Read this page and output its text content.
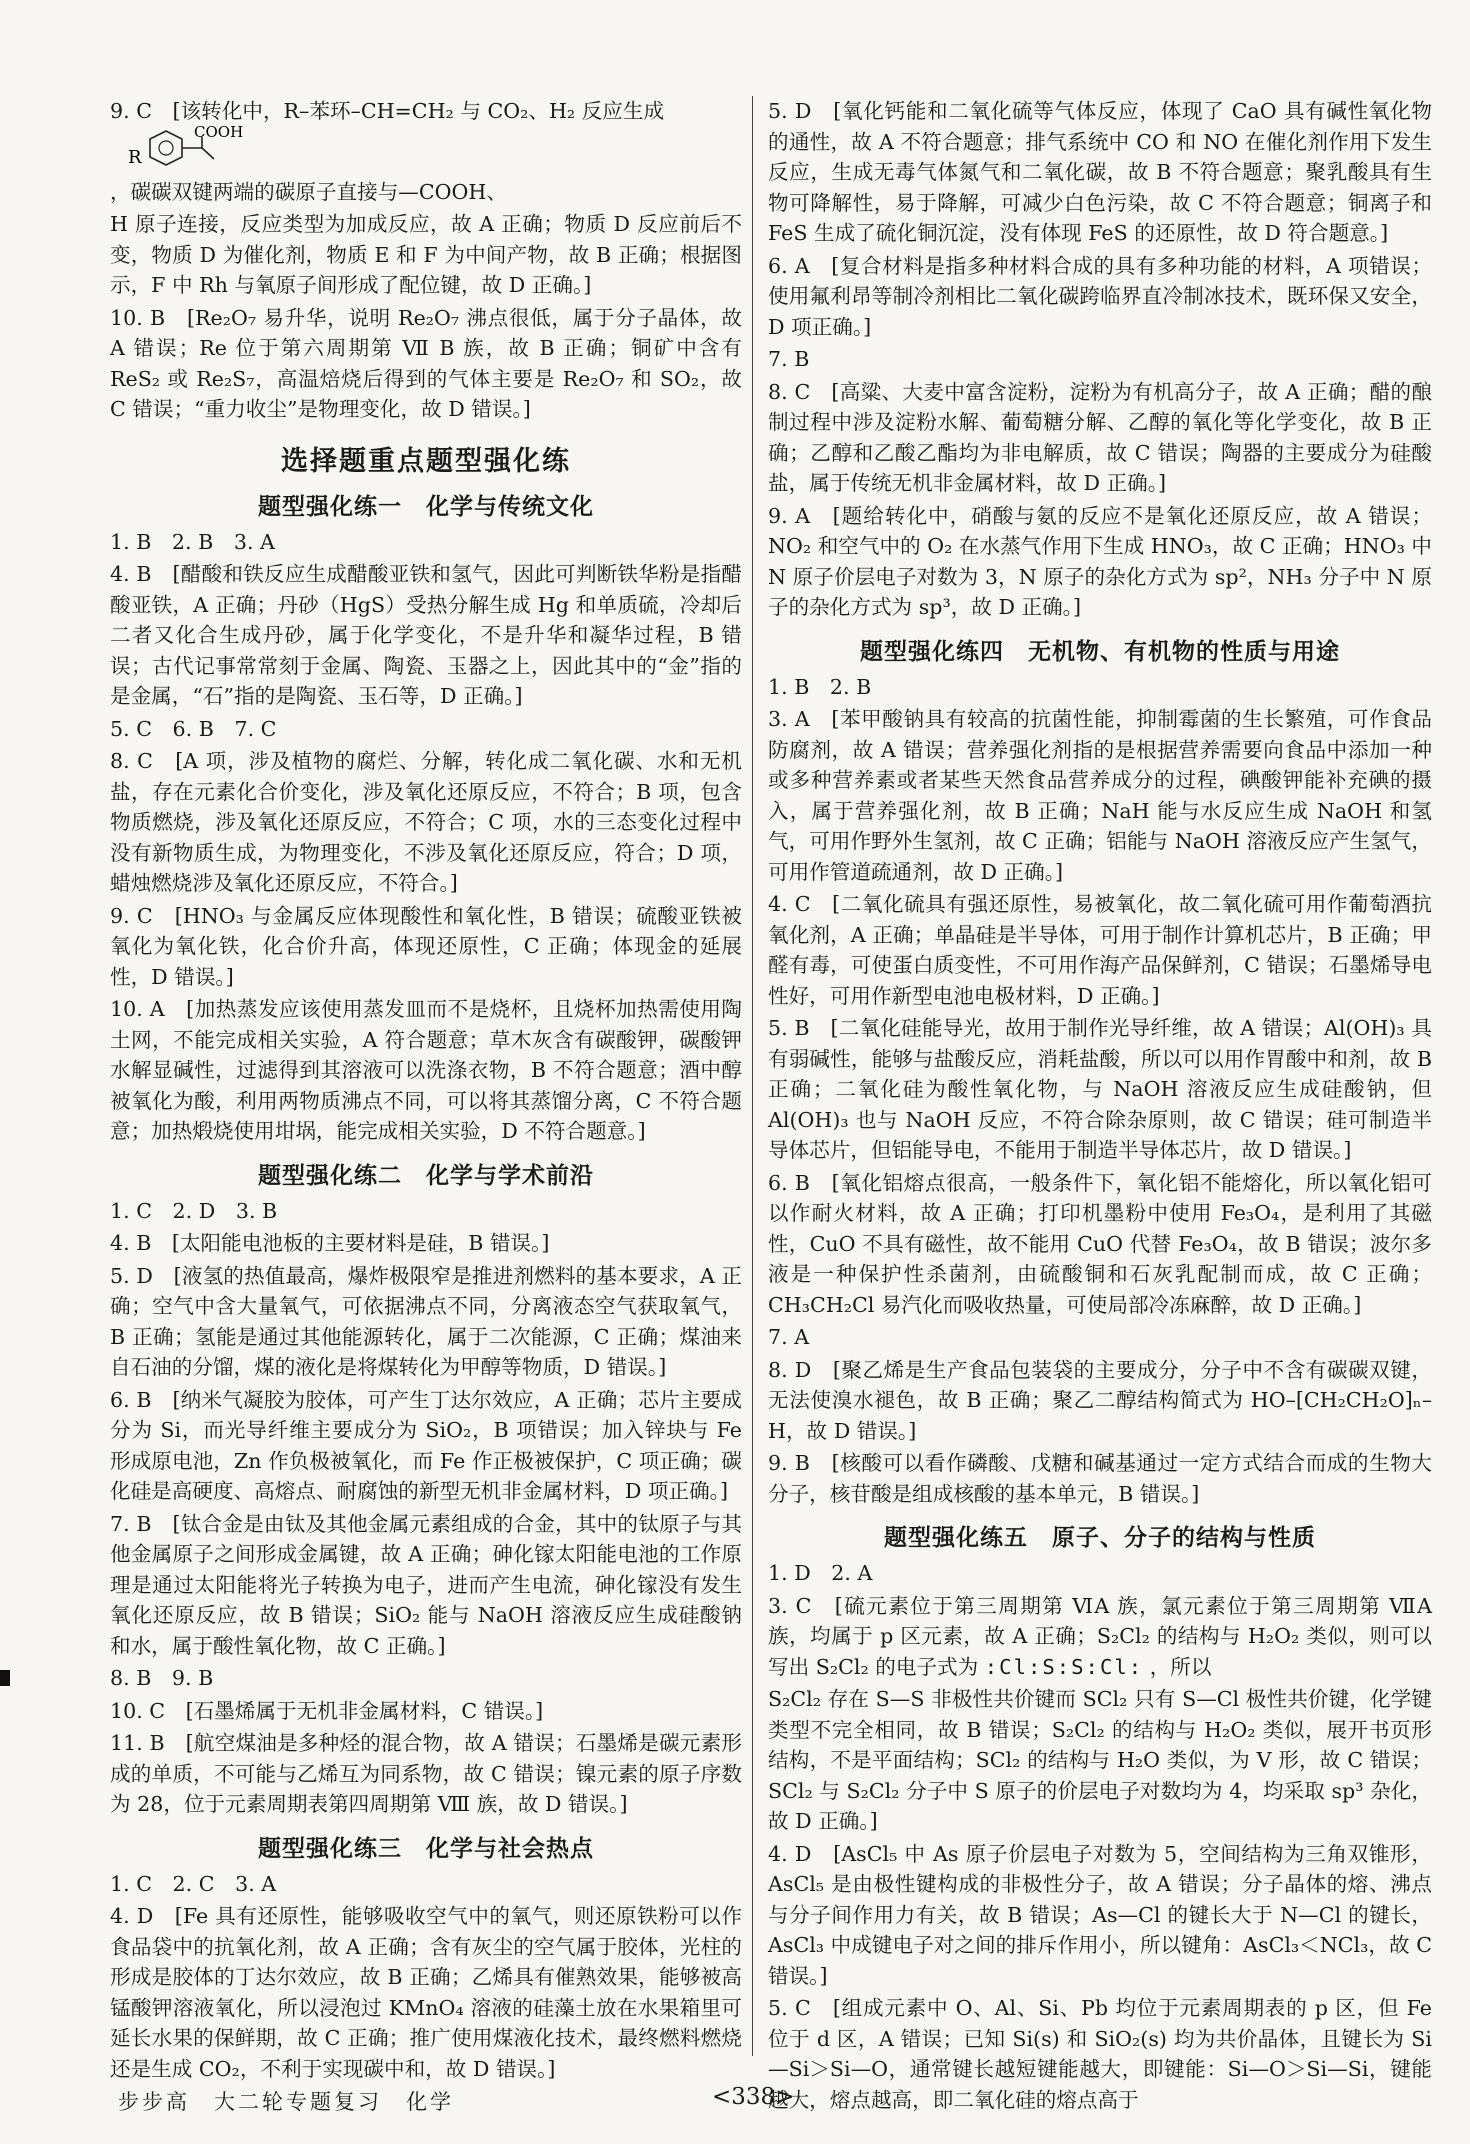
9. C　[该转化中，R–苯环–CH=CH₂ 与 CO₂、H₂ 反应生成

R
COOH

，碳碳双键两端的碳原子直接与—COOH、

H 原子连接，反应类型为加成反应，故 A 正确；物质 D 反应前后不变，物质 D 为催化剂，物质 E 和 F 为中间产物，故 B 正确；根据图示，F 中 Rh 与氧原子间形成了配位键，故 D 正确。]

10. B　[Re₂O₇ 易升华，说明 Re₂O₇ 沸点很低，属于分子晶体，故 A 错误；Re 位于第六周期第 Ⅶ B 族，故 B 正确；铜矿中含有 ReS₂ 或 Re₂S₇，高温焙烧后得到的气体主要是 Re₂O₇ 和 SO₂，故 C 错误；“重力收尘”是物理变化，故 D 错误。]

选择题重点题型强化练
题型强化练一　化学与传统文化

1. B　2. B　3. A

4. B　[醋酸和铁反应生成醋酸亚铁和氢气，因此可判断铁华粉是指醋酸亚铁，A 正确；丹砂（HgS）受热分解生成 Hg 和单质硫，冷却后二者又化合生成丹砂，属于化学变化，不是升华和凝华过程，B 错误；古代记事常常刻于金属、陶瓷、玉器之上，因此其中的“金”指的是金属，“石”指的是陶瓷、玉石等，D 正确。]

5. C　6. B　7. C

8. C　[A 项，涉及植物的腐烂、分解，转化成二氧化碳、水和无机盐，存在元素化合价变化，涉及氧化还原反应，不符合；B 项，包含物质燃烧，涉及氧化还原反应，不符合；C 项，水的三态变化过程中没有新物质生成，为物理变化，不涉及氧化还原反应，符合；D 项，蜡烛燃烧涉及氧化还原反应，不符合。]

9. C　[HNO₃ 与金属反应体现酸性和氧化性，B 错误；硫酸亚铁被氧化为氧化铁，化合价升高，体现还原性，C 正确；体现金的延展性，D 错误。]

10. A　[加热蒸发应该使用蒸发皿而不是烧杯，且烧杯加热需使用陶土网，不能完成相关实验，A 符合题意；草木灰含有碳酸钾，碳酸钾水解显碱性，过滤得到其溶液可以洗涤衣物，B 不符合题意；酒中醇被氧化为酸，利用两物质沸点不同，可以将其蒸馏分离，C 不符合题意；加热煅烧使用坩埚，能完成相关实验，D 不符合题意。]

题型强化练二　化学与学术前沿

1. C　2. D　3. B

4. B　[太阳能电池板的主要材料是硅，B 错误。]

5. D　[液氢的热值最高，爆炸极限窄是推进剂燃料的基本要求，A 正确；空气中含大量氧气，可依据沸点不同，分离液态空气获取氧气，B 正确；氢能是通过其他能源转化，属于二次能源，C 正确；煤油来自石油的分馏，煤的液化是将煤转化为甲醇等物质，D 错误。]

6. B　[纳米气凝胶为胶体，可产生丁达尔效应，A 正确；芯片主要成分为 Si，而光导纤维主要成分为 SiO₂，B 项错误；加入锌块与 Fe 形成原电池，Zn 作负极被氧化，而 Fe 作正极被保护，C 项正确；碳化硅是高硬度、高熔点、耐腐蚀的新型无机非金属材料，D 项正确。]

7. B　[钛合金是由钛及其他金属元素组成的合金，其中的钛原子与其他金属原子之间形成金属键，故 A 正确；砷化镓太阳能电池的工作原理是通过太阳能将光子转换为电子，进而产生电流，砷化镓没有发生氧化还原反应，故 B 错误；SiO₂ 能与 NaOH 溶液反应生成硅酸钠和水，属于酸性氧化物，故 C 正确。]

8. B　9. B

10. C　[石墨烯属于无机非金属材料，C 错误。]

11. B　[航空煤油是多种烃的混合物，故 A 错误；石墨烯是碳元素形成的单质，不可能与乙烯互为同系物，故 C 错误；镍元素的原子序数为 28，位于元素周期表第四周期第 Ⅷ 族，故 D 错误。]

题型强化练三　化学与社会热点

1. C　2. C　3. A

4. D　[Fe 具有还原性，能够吸收空气中的氧气，则还原铁粉可以作食品袋中的抗氧化剂，故 A 正确；含有灰尘的空气属于胶体，光柱的形成是胶体的丁达尔效应，故 B 正确；乙烯具有催熟效果，能够被高锰酸钾溶液氧化，所以浸泡过 KMnO₄ 溶液的硅藻土放在水果箱里可延长水果的保鲜期，故 C 正确；推广使用煤液化技术，最终燃料燃烧还是生成 CO₂，不利于实现碳中和，故 D 错误。]

5. D　[氧化钙能和二氧化硫等气体反应，体现了 CaO 具有碱性氧化物的通性，故 A 不符合题意；排气系统中 CO 和 NO 在催化剂作用下发生反应，生成无毒气体氮气和二氧化碳，故 B 不符合题意；聚乳酸具有生物可降解性，易于降解，可减少白色污染，故 C 不符合题意；铜离子和 FeS 生成了硫化铜沉淀，没有体现 FeS 的还原性，故 D 符合题意。]

6. A　[复合材料是指多种材料合成的具有多种功能的材料，A 项错误；使用氟利昂等制冷剂相比二氧化碳跨临界直冷制冰技术，既环保又安全，D 项正确。]

7. B

8. C　[高粱、大麦中富含淀粉，淀粉为有机高分子，故 A 正确；醋的酿制过程中涉及淀粉水解、葡萄糖分解、乙醇的氧化等化学变化，故 B 正确；乙醇和乙酸乙酯均为非电解质，故 C 错误；陶器的主要成分为硅酸盐，属于传统无机非金属材料，故 D 正确。]

9. A　[题给转化中，硝酸与氨的反应不是氧化还原反应，故 A 错误；NO₂ 和空气中的 O₂ 在水蒸气作用下生成 HNO₃，故 C 正确；HNO₃ 中 N 原子价层电子对数为 3，N 原子的杂化方式为 sp²，NH₃ 分子中 N 原子的杂化方式为 sp³，故 D 正确。]

题型强化练四　无机物、有机物的性质与用途

1. B　2. B

3. A　[苯甲酸钠具有较高的抗菌性能，抑制霉菌的生长繁殖，可作食品防腐剂，故 A 错误；营养强化剂指的是根据营养需要向食品中添加一种或多种营养素或者某些天然食品营养成分的过程，碘酸钾能补充碘的摄入，属于营养强化剂，故 B 正确；NaH 能与水反应生成 NaOH 和氢气，可用作野外生氢剂，故 C 正确；铝能与 NaOH 溶液反应产生氢气，可用作管道疏通剂，故 D 正确。]

4. C　[二氧化硫具有强还原性，易被氧化，故二氧化硫可用作葡萄酒抗氧化剂，A 正确；单晶硅是半导体，可用于制作计算机芯片，B 正确；甲醛有毒，可使蛋白质变性，不可用作海产品保鲜剂，C 错误；石墨烯导电性好，可用作新型电池电极材料，D 正确。]

5. B　[二氧化硅能导光，故用于制作光导纤维，故 A 错误；Al(OH)₃ 具有弱碱性，能够与盐酸反应，消耗盐酸，所以可以用作胃酸中和剂，故 B 正确；二氧化硅为酸性氧化物，与 NaOH 溶液反应生成硅酸钠，但 Al(OH)₃ 也与 NaOH 反应，不符合除杂原则，故 C 错误；硅可制造半导体芯片，但铝能导电，不能用于制造半导体芯片，故 D 错误。]

6. B　[氧化铝熔点很高，一般条件下，氧化铝不能熔化，所以氧化铝可以作耐火材料，故 A 正确；打印机墨粉中使用 Fe₃O₄，是利用了其磁性，CuO 不具有磁性，故不能用 CuO 代替 Fe₃O₄，故 B 错误；波尔多液是一种保护性杀菌剂，由硫酸铜和石灰乳配制而成，故 C 正确；CH₃CH₂Cl 易汽化而吸收热量，可使局部冷冻麻醉，故 D 正确。]

7. A

8. D　[聚乙烯是生产食品包装袋的主要成分，分子中不含有碳碳双键，无法使溴水褪色，故 B 正确；聚乙二醇结构简式为 HO–[CH₂CH₂O]ₙ–H，故 D 错误。]

9. B　[核酸可以看作磷酸、戊糖和碱基通过一定方式结合而成的生物大分子，核苷酸是组成核酸的基本单元，B 错误。]

题型强化练五　原子、分子的结构与性质

1. D　2. A

3. C　[硫元素位于第三周期第 ⅥA 族，氯元素位于第三周期第 ⅦA 族，均属于 p 区元素，故 A 正确；S₂Cl₂ 的结构与 H₂O₂ 类似，则可以写出 S₂Cl₂ 的电子式为 :Cl:S:S:Cl: ，所以

S₂Cl₂ 存在 S—S 非极性共价键而 SCl₂ 只有 S—Cl 极性共价键，化学键类型不完全相同，故 B 错误；S₂Cl₂ 的结构与 H₂O₂ 类似，展开书页形结构，不是平面结构；SCl₂ 的结构与 H₂O 类似，为 V 形，故 C 错误；SCl₂ 与 S₂Cl₂ 分子中 S 原子的价层电子对数均为 4，均采取 sp³ 杂化，故 D 正确。]

4. D　[AsCl₅ 中 As 原子价层电子对数为 5，空间结构为三角双锥形，AsCl₅ 是由极性键构成的非极性分子，故 A 错误；分子晶体的熔、沸点与分子间作用力有关，故 B 错误；As—Cl 的键长大于 N—Cl 的键长，AsCl₃ 中成键电子对之间的排斥作用小，所以键角：AsCl₃＜NCl₃，故 C 错误。]

5. C　[组成元素中 O、Al、Si、Pb 均位于元素周期表的 p 区，但 Fe 位于 d 区，A 错误；已知 Si(s) 和 SiO₂(s) 均为共价晶体，且键长为 Si—Si＞Si—O，通常键长越短键能越大，即键能：Si—O＞Si—Si，键能越大，熔点越高，即二氧化硅的熔点高于

步步高　大二轮专题复习　化学	<338>
